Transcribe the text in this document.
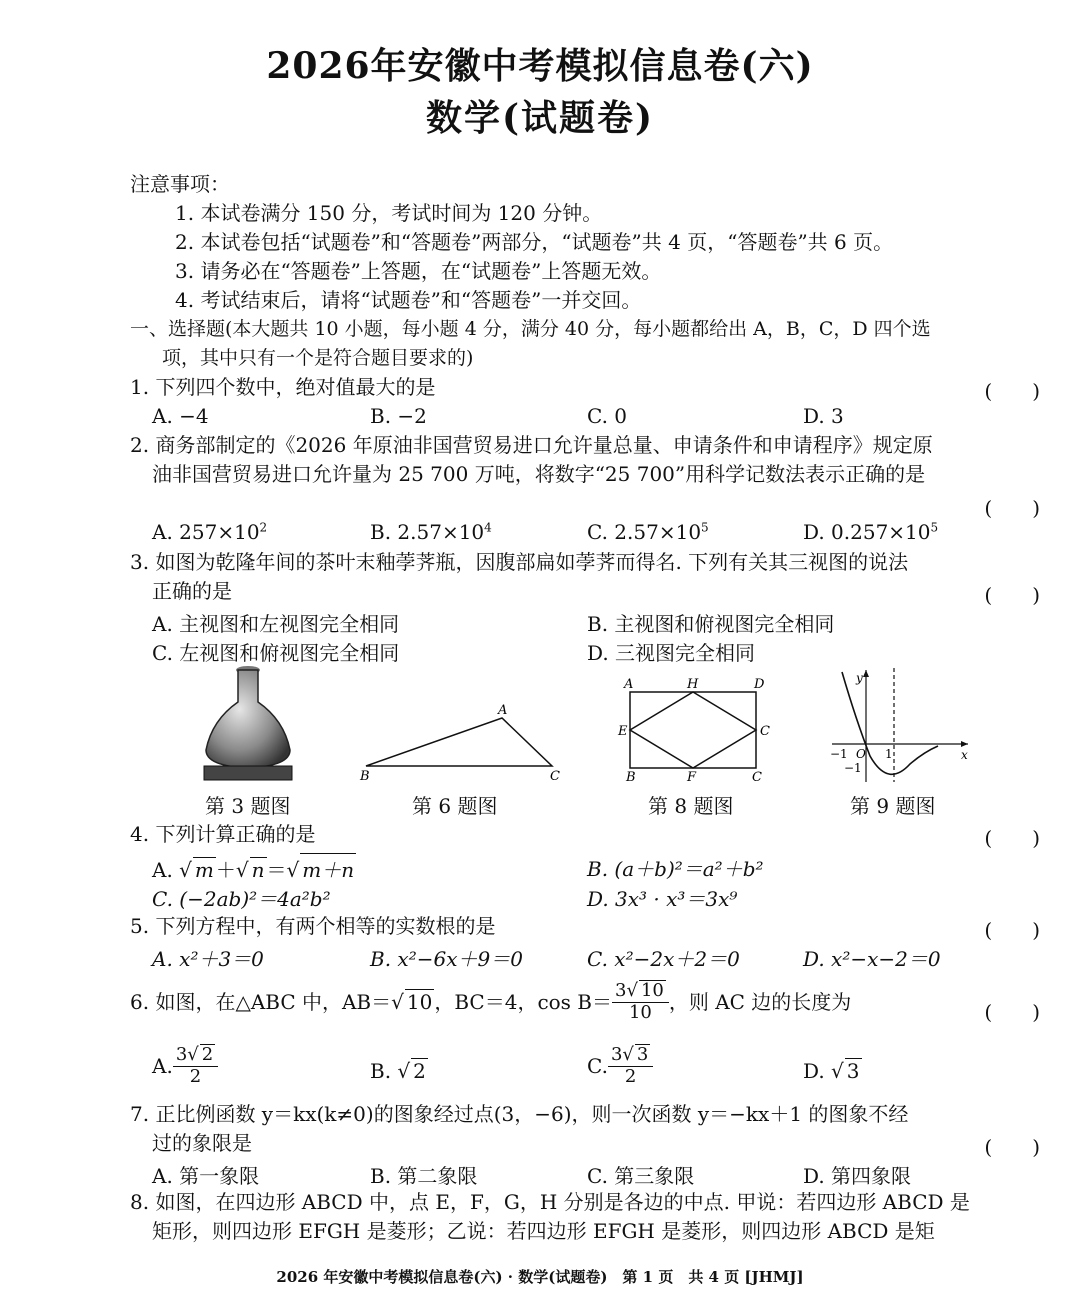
2026年安徽中考模拟信息卷(六)
数学(试题卷)
注意事项：
1. 本试卷满分 150 分，考试时间为 120 分钟。
2. 本试卷包括“试题卷”和“答题卷”两部分，“试题卷”共 4 页，“答题卷”共 6 页。
3. 请务必在“答题卷”上答题，在“试题卷”上答题无效。
4. 考试结束后，请将“试题卷”和“答题卷”一并交回。
一、选择题(本大题共 10 小题，每小题 4 分，满分 40 分，每小题都给出 A，B，C，D 四个选
项，其中只有一个是符合题目要求的)
1. 下列四个数中，绝对值最大的是	(　　)
A. −4	B. −2	C. 0	D. 3
2. 商务部制定的《2026 年原油非国营贸易进口允许量总量、申请条件和申请程序》规定原
油非国营贸易进口允许量为 25 700 万吨，将数字“25 700”用科学记数法表示正确的是
(　　)
A. $257\times 10^2$	B. $2.57\times 10^4$	C. $2.57\times 10^5$	D. $0.257\times 10^5$
3. 如图为乾隆年间的茶叶末釉荸荠瓶，因腹部扁如荸荠而得名. 下列有关其三视图的说法
正确的是	(　　)
A. 主视图和左视图完全相同	B. 主视图和俯视图完全相同
C. 左视图和俯视图完全相同	D. 三视图完全相同
第 3 题图
A
B	C
第 6 题图
A	H	D
E	C
B	F	C
第 8 题图
y
x
−1 O 1
−1
第 9 题图
4. 下列计算正确的是	(　　)
A. √ m ＋√ n ＝√ m＋n	B. (a＋b)²＝a²＋b²
C. (−2ab)²＝4a²b²	D. 3x³ · x³＝3x⁹
5. 下列方程中，有两个相等的实数根的是	(　　)
A. x²＋3＝0	B. x²−6x＋9＝0	C. x²−2x＋2＝0	D. x²−x−2＝0
6. 如图，在△ABC 中，AB＝ √ 10 ，BC＝4，$\cos B= \frac{3√ 10}{10}$ ，则 AC 边的长度为	(　　)
A. $\frac{3√ 2}{2}$	B. √ 2	C. $\frac{3√ 3}{2}$	D. √ 3
7. 正比例函数 y＝kx(k≠0)的图象经过点(3，−6)，则一次函数 y＝−kx＋1 的图象不经
过的象限是	(　　)
A. 第一象限	B. 第二象限	C. 第三象限	D. 第四象限
8. 如图，在四边形 ABCD 中，点 E，F，G，H 分别是各边的中点. 甲说：若四边形 ABCD 是
矩形，则四边形 EFGH 是菱形；乙说：若四边形 EFGH 是菱形，则四边形 ABCD 是矩
2026 年安徽中考模拟信息卷(六) · 数学(试题卷)　第 1 页　共 4 页 [JHMJ]
